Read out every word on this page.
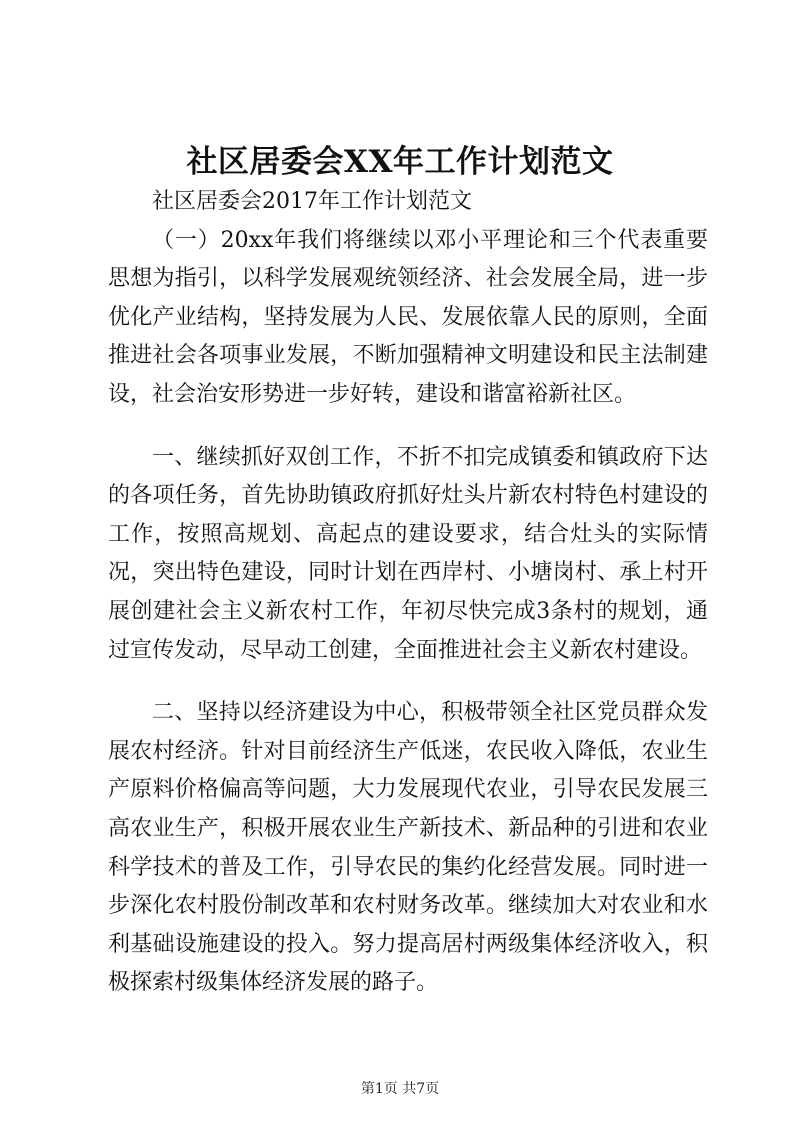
社区居委会XX年工作计划范文

社区居委会2017年工作计划范文

（一）20xx年我们将继续以邓小平理论和三个代表重要思想为指引，以科学发展观统领经济、社会发展全局，进一步优化产业结构，坚持发展为人民、发展依靠人民的原则，全面推进社会各项事业发展，不断加强精神文明建设和民主法制建设，社会治安形势进一步好转，建设和谐富裕新社区。

一、继续抓好双创工作，不折不扣完成镇委和镇政府下达的各项任务，首先协助镇政府抓好灶头片新农村特色村建设的工作，按照高规划、高起点的建设要求，结合灶头的实际情况，突出特色建设，同时计划在西岸村、小塘岗村、承上村开展创建社会主义新农村工作，年初尽快完成3条村的规划，通过宣传发动，尽早动工创建，全面推进社会主义新农村建设。

二、坚持以经济建设为中心，积极带领全社区党员群众发展农村经济。针对目前经济生产低迷，农民收入降低，农业生产原料价格偏高等问题，大力发展现代农业，引导农民发展三高农业生产，积极开展农业生产新技术、新品种的引进和农业科学技术的普及工作，引导农民的集约化经营发展。同时进一步深化农村股份制改革和农村财务改革。继续加大对农业和水利基础设施建设的投入。努力提高居村两级集体经济收入，积极探索村级集体经济发展的路子。

第1页 共7页
